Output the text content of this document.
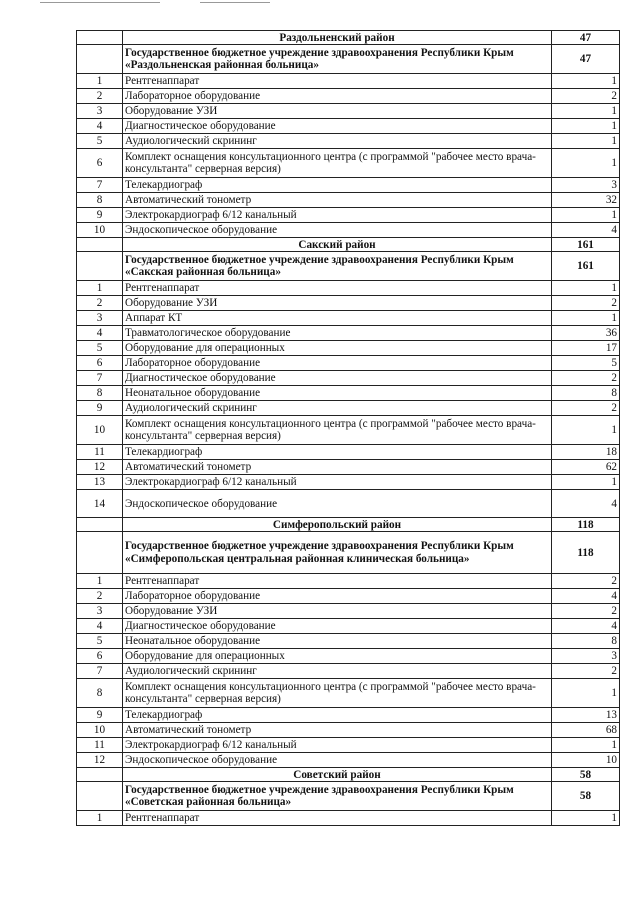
	Раздольненский район	47
	Государственное бюджетное учреждение здравоохранения Республики Крым «Раздольненская районная больница»	47
1	Рентгенаппарат	1
2	Лабораторное оборудование	2
3	Оборудование УЗИ	1
4	Диагностическое оборудование	1
5	Аудиологический скрининг	1
6	Комплект оснащения консультационного центра (с программой "рабочее место врача-консультанта" серверная версия)	1
7	Телекардиограф	3
8	Автоматический тонометр	32
9	Электрокардиограф 6/12 канальный	1
10	Эндоскопическое оборудование	4
	Сакский район	161
	Государственное бюджетное учреждение здравоохранения Республики Крым «Сакская районная больница»	161
1	Рентгенаппарат	1
2	Оборудование УЗИ	2
3	Аппарат КТ	1
4	Травматологическое оборудование	36
5	Оборудование для операционных	17
6	Лабораторное оборудование	5
7	Диагностическое оборудование	2
8	Неонатальное оборудование	8
9	Аудиологический скрининг	2
10	Комплект оснащения консультационного центра (с программой "рабочее место врача-консультанта" серверная версия)	1
11	Телекардиограф	18
12	Автоматический тонометр	62
13	Электрокардиограф 6/12 канальный	1
14	Эндоскопическое оборудование	4
	Симферопольский район	118
	Государственное бюджетное учреждение здравоохранения Республики Крым «Симферопольская центральная районная клиническая больница»	118
1	Рентгенаппарат	2
2	Лабораторное оборудование	4
3	Оборудование УЗИ	2
4	Диагностическое оборудование	4
5	Неонатальное оборудование	8
6	Оборудование для операционных	3
7	Аудиологический скрининг	2
8	Комплект оснащения консультационного центра (с программой "рабочее место врача-консультанта" серверная версия)	1
9	Телекардиограф	13
10	Автоматический тонометр	68
11	Электрокардиограф 6/12 канальный	1
12	Эндоскопическое оборудование	10
	Советский район	58
	Государственное бюджетное учреждение здравоохранения Республики Крым «Советская районная больница»	58
1	Рентгенаппарат	1
